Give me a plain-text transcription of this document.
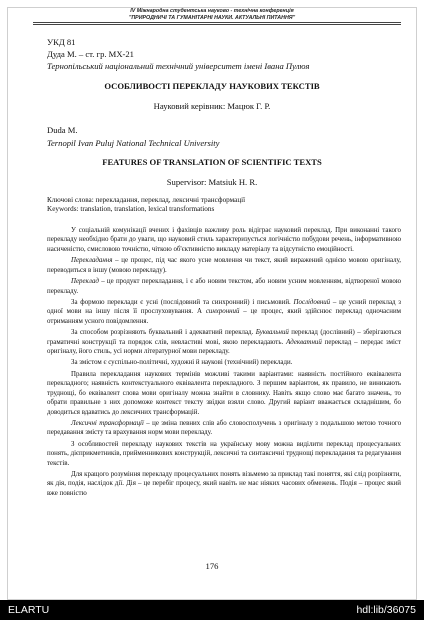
IV Міжнародна студентська науково - технічна конференція
"ПРИРОДНИЧІ ТА ГУМАНІТАРНІ НАУКИ. АКТУАЛЬНІ ПИТАННЯ"
УКД 81
Дуда М. – ст. гр. МХ-21
Тернопільський національний технічний університет імені Івана Пулюя
ОСОБЛИВОСТІ ПЕРЕКЛАДУ НАУКОВИХ ТЕКСТІВ
Науковий керівник: Мацюк Г. Р.
Duda M.
Ternopil Ivan Puluj National Technical University
FEATURES OF TRANSLATION OF SCIENTIFIC TEXTS
Supervisor: Matsiuk H. R.
Ключові слова: перекладання, переклад, лексичні трансформації
Keywords: translation, translation, lexical transformations

У соціальній комунікації вчених і фахівців важливу роль відіграє науковий переклад. При виконанні такого перекладу необхідно брати до уваги, що науковий стиль характеризується логічністю побудови речень, інформативною насиченістю, смисловою точністю, чіткою об'єктивністю викладу матеріалу та відсутністю емоційності.

Перекладання – це процес, під час якого усне мовлення чи текст, який виражений однією мовою оригіналу, переводиться в іншу (мовою перекладу).

Переклад – це продукт перекладання, і є або новим текстом, або новим усним мовленням, відтвореної мовою перекладу.

За формою переклади є усні (послідовний та синхронний) і письмовий. Послідовний – це усний переклад з одної мови на іншу після її прослуховування. А синхронний – це процес, який здійснює переклад одночасним отриманням усного повідомлення.

За способом розрізняють буквальний і адекватний переклад. Буквальний переклад (дослівний) – зберігаються граматичні конструкції та порядок слів, невластиві мові, якою перекладають. Адекватний переклад – передає зміст оригіналу, його стиль, усі норми літературної мови перекладу.

За змістом є суспільно-політичні, художні й наукові (технічний) переклади.

Правила перекладання наукових термінів можливі такими варіантами: наявність постійного еквівалента перекладного; наявність контекстуального еквівалента перекладного. З першим варіантом, як правило, не виникають труднощі, бо еквівалент слова мови оригіналу можна знайти в словнику. Навіть якщо слово має багато значень, то обрати правильне з них допоможе контекст тексту звідки взяли слово. Другий варіант вважається складнішим, бо доводиться вдаватись до лексичних трансформацій.

Лексичні трансформації – це зміна певних слів або словосполучень з оригіналу з подальшою метою точного передавання змісту та врахування норм мови перекладу.

З особливостей перекладу наукових текстів на українську мову можна виділити переклад процесуальних понять, дієприкметників, прийменникових конструкцій, лексичні та синтаксичні труднощі перекладання та редагування текстів.

Для кращого розуміння перекладу процесуальних понять візьмемо за приклад такі поняття, які слід розрізняти, як дія, подія, наслідок дії. Дія – це перебіг процесу, який навіть не має ніяких часових обмежень. Подія – процес який вже повністю

176
ELARTU	hdl:lib/36075
